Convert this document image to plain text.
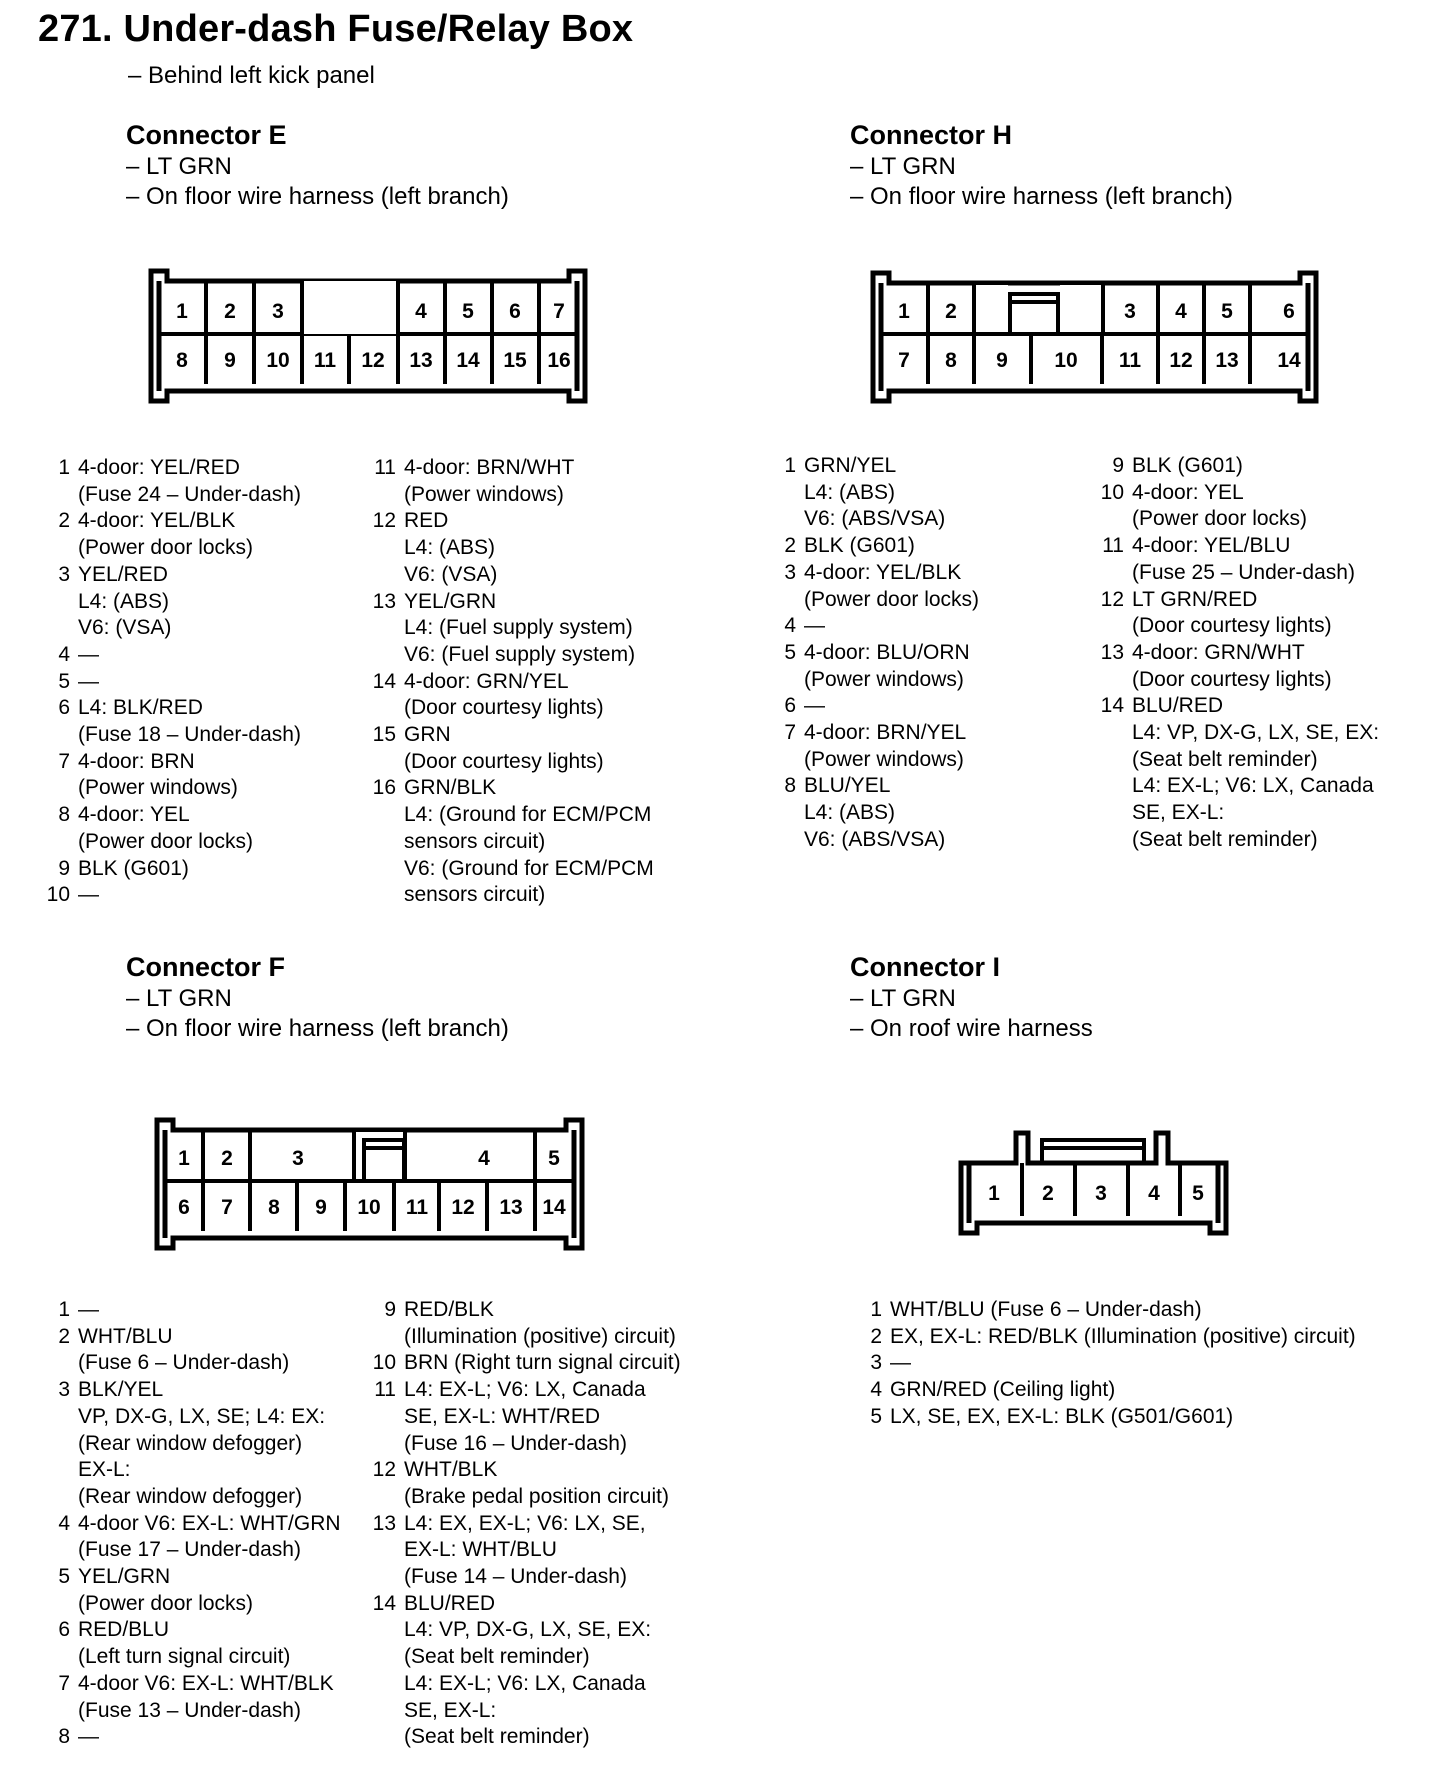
271. Under-dash Fuse/Relay Box
– Behind left kick panel
Connector E
– LT GRN
– On floor wire harness (left branch)
Connector H
– LT GRN
– On floor wire harness (left branch)
Connector F
– LT GRN
– On floor wire harness (left branch)
Connector I
– LT GRN
– On roof wire harness
1 2 3	4 5 6 7
8 9 10 11 12 13 14 15 16
1 2	3 4 5 6
7 8 9 10 11 12 13 14
1 2	3	4	5
6 7 8 9 10 11 12 13 14
1 2 3 4 5
1 4-door: YEL/RED
(Fuse 24 – Under-dash)
2 4-door: YEL/BLK
(Power door locks)
3 YEL/RED
L4: (ABS)
V6: (VSA)
4 —
5 —
6 L4: BLK/RED
(Fuse 18 – Under-dash)
7 4-door: BRN
(Power windows)
8 4-door: YEL
(Power door locks)
9 BLK (G601)
10 —
11 4-door: BRN/WHT
(Power windows)
12 RED
L4: (ABS)
V6: (VSA)
13 YEL/GRN
L4: (Fuel supply system)
V6: (Fuel supply system)
14 4-door: GRN/YEL
(Door courtesy lights)
15 GRN
(Door courtesy lights)
16 GRN/BLK
L4: (Ground for ECM/PCM
sensors circuit)
V6: (Ground for ECM/PCM
sensors circuit)
1 GRN/YEL
L4: (ABS)
V6: (ABS/VSA)
2 BLK (G601)
3 4-door: YEL/BLK
(Power door locks)
4 —
5 4-door: BLU/ORN
(Power windows)
6 —
7 4-door: BRN/YEL
(Power windows)
8 BLU/YEL
L4: (ABS)
V6: (ABS/VSA)
9 BLK (G601)
10 4-door: YEL
(Power door locks)
11 4-door: YEL/BLU
(Fuse 25 – Under-dash)
12 LT GRN/RED
(Door courtesy lights)
13 4-door: GRN/WHT
(Door courtesy lights)
14 BLU/RED
L4: VP, DX-G, LX, SE, EX:
(Seat belt reminder)
L4: EX-L; V6: LX, Canada
SE, EX-L:
(Seat belt reminder)
1 —
2 WHT/BLU
(Fuse 6 – Under-dash)
3 BLK/YEL
VP, DX-G, LX, SE; L4: EX:
(Rear window defogger)
EX-L:
(Rear window defogger)
4 4-door V6: EX-L: WHT/GRN
(Fuse 17 – Under-dash)
5 YEL/GRN
(Power door locks)
6 RED/BLU
(Left turn signal circuit)
7 4-door V6: EX-L: WHT/BLK
(Fuse 13 – Under-dash)
8 —
9 RED/BLK
(Illumination (positive) circuit)
10 BRN (Right turn signal circuit)
11 L4: EX-L; V6: LX, Canada
SE, EX-L: WHT/RED
(Fuse 16 – Under-dash)
12 WHT/BLK
(Brake pedal position circuit)
13 L4: EX, EX-L; V6: LX, SE,
EX-L: WHT/BLU
(Fuse 14 – Under-dash)
14 BLU/RED
L4: VP, DX-G, LX, SE, EX:
(Seat belt reminder)
L4: EX-L; V6: LX, Canada
SE, EX-L:
(Seat belt reminder)
1 WHT/BLU (Fuse 6 – Under-dash)
2 EX, EX-L: RED/BLK (Illumination (positive) circuit)
3 —
4 GRN/RED (Ceiling light)
5 LX, SE, EX, EX-L: BLK (G501/G601)
